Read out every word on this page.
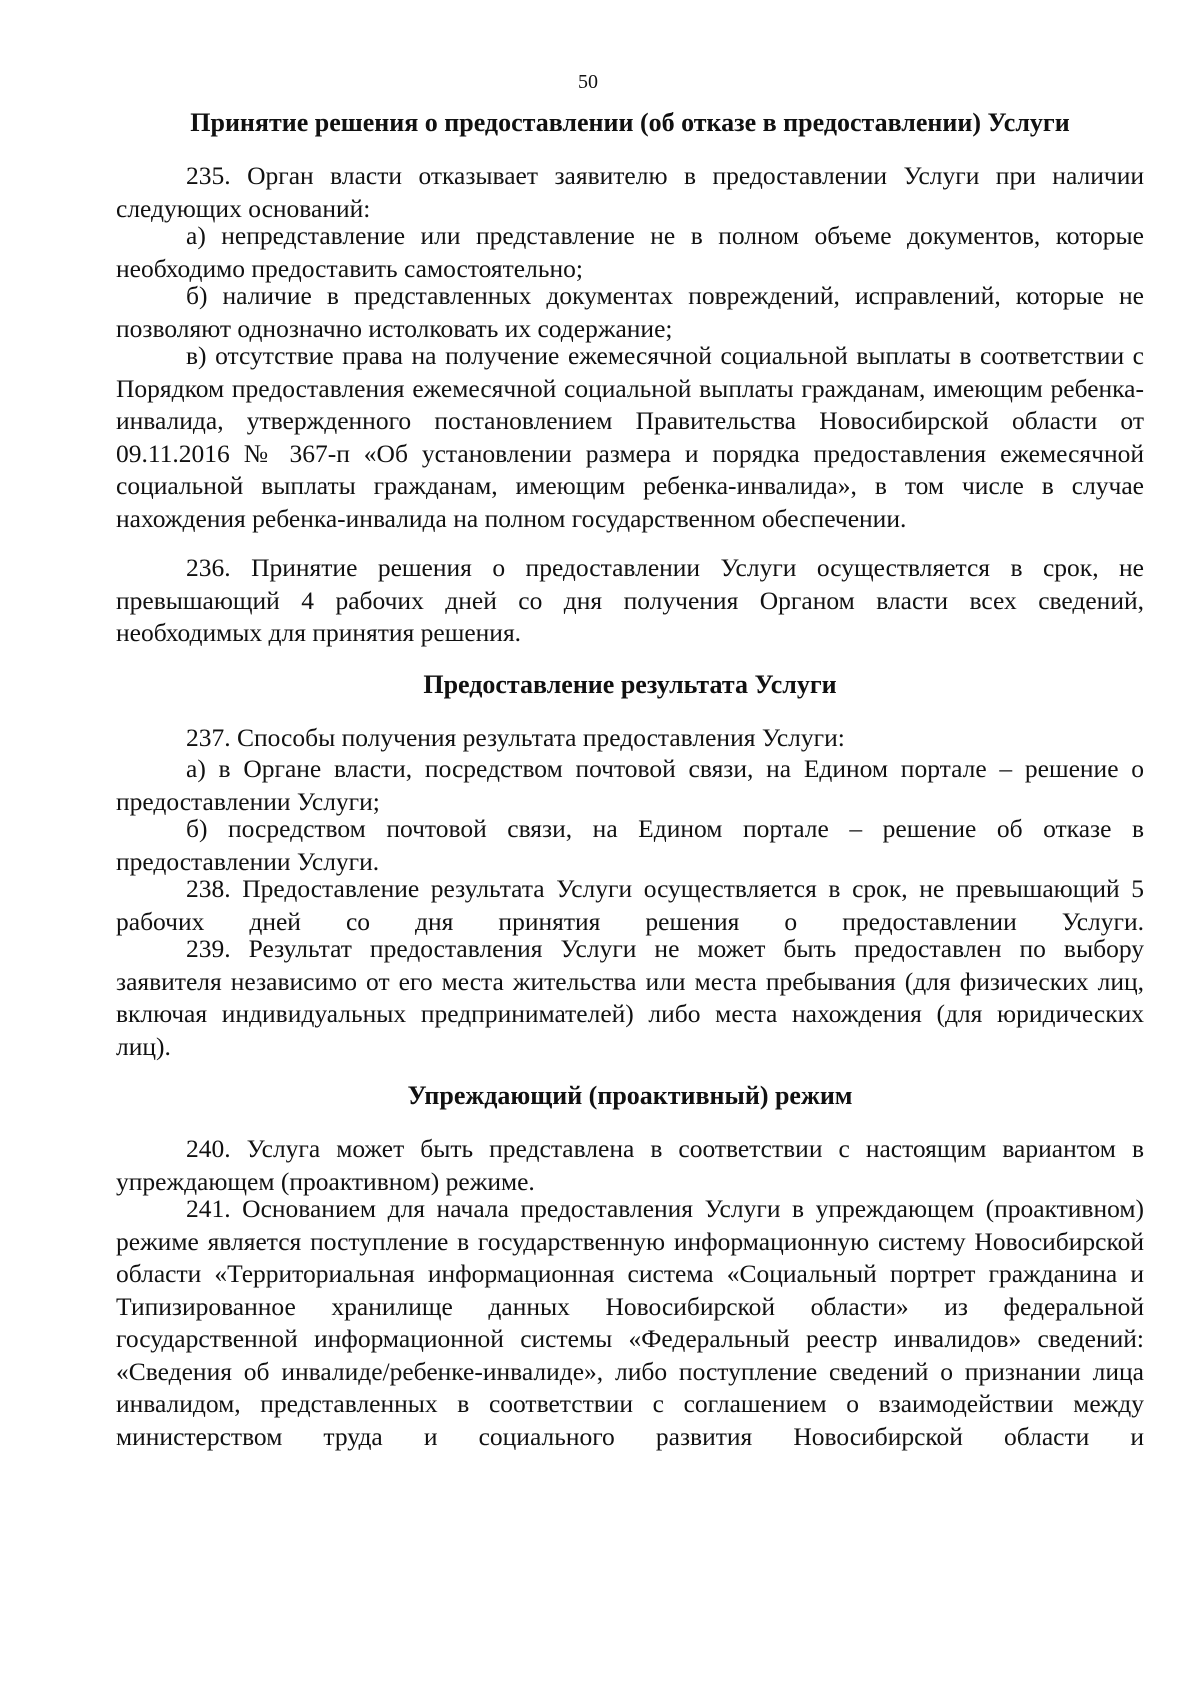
50
Принятие решения о предоставлении (об отказе в предоставлении) Услуги

235. Орган власти отказывает заявителю в предоставлении Услуги при наличии следующих оснований:

а) непредставление или представление не в полном объеме документов, которые необходимо предоставить самостоятельно;

б) наличие в представленных документах повреждений, исправлений, которые не позволяют однозначно истолковать их содержание;

в) отсутствие права на получение ежемесячной социальной выплаты в соответствии с Порядком предоставления ежемесячной социальной выплаты гражданам, имеющим ребенка-инвалида, утвержденного постановлением Правительства Новосибирской области от 09.11.2016 № 367-п «Об установлении размера и порядка предоставления ежемесячной социальной выплаты гражданам, имеющим ребенка-инвалида», в том числе в случае нахождения ребенка-инвалида на полном государственном обеспечении.

236. Принятие решения о предоставлении Услуги осуществляется в срок, не превышающий 4 рабочих дней со дня получения Органом власти всех сведений, необходимых для принятия решения.

Предоставление результата Услуги

237. Способы получения результата предоставления Услуги:

а) в Органе власти, посредством почтовой связи, на Едином портале – решение о предоставлении Услуги;

б) посредством почтовой связи, на Едином портале – решение об отказе в предоставлении Услуги.

238. Предоставление результата Услуги осуществляется в срок, не превышающий 5 рабочих дней со дня принятия решения о предоставлении Услуги.

239. Результат предоставления Услуги не может быть предоставлен по выбору заявителя независимо от его места жительства или места пребывания (для физических лиц, включая индивидуальных предпринимателей) либо места нахождения (для юридических лиц).

Упреждающий (проактивный) режим

240. Услуга может быть представлена в соответствии с настоящим вариантом в упреждающем (проактивном) режиме.

241. Основанием для начала предоставления Услуги в упреждающем (проактивном) режиме является поступление в государственную информационную систему Новосибирской области «Территориальная информационная система «Социальный портрет гражданина и Типизированное хранилище данных Новосибирской области» из федеральной государственной информационной системы «Федеральный реестр инвалидов» сведений: «Сведения об инвалиде/ребенке-инвалиде», либо поступление сведений о признании лица инвалидом, представленных в соответствии с соглашением о взаимодействии между министерством труда и социального развития Новосибирской области и
